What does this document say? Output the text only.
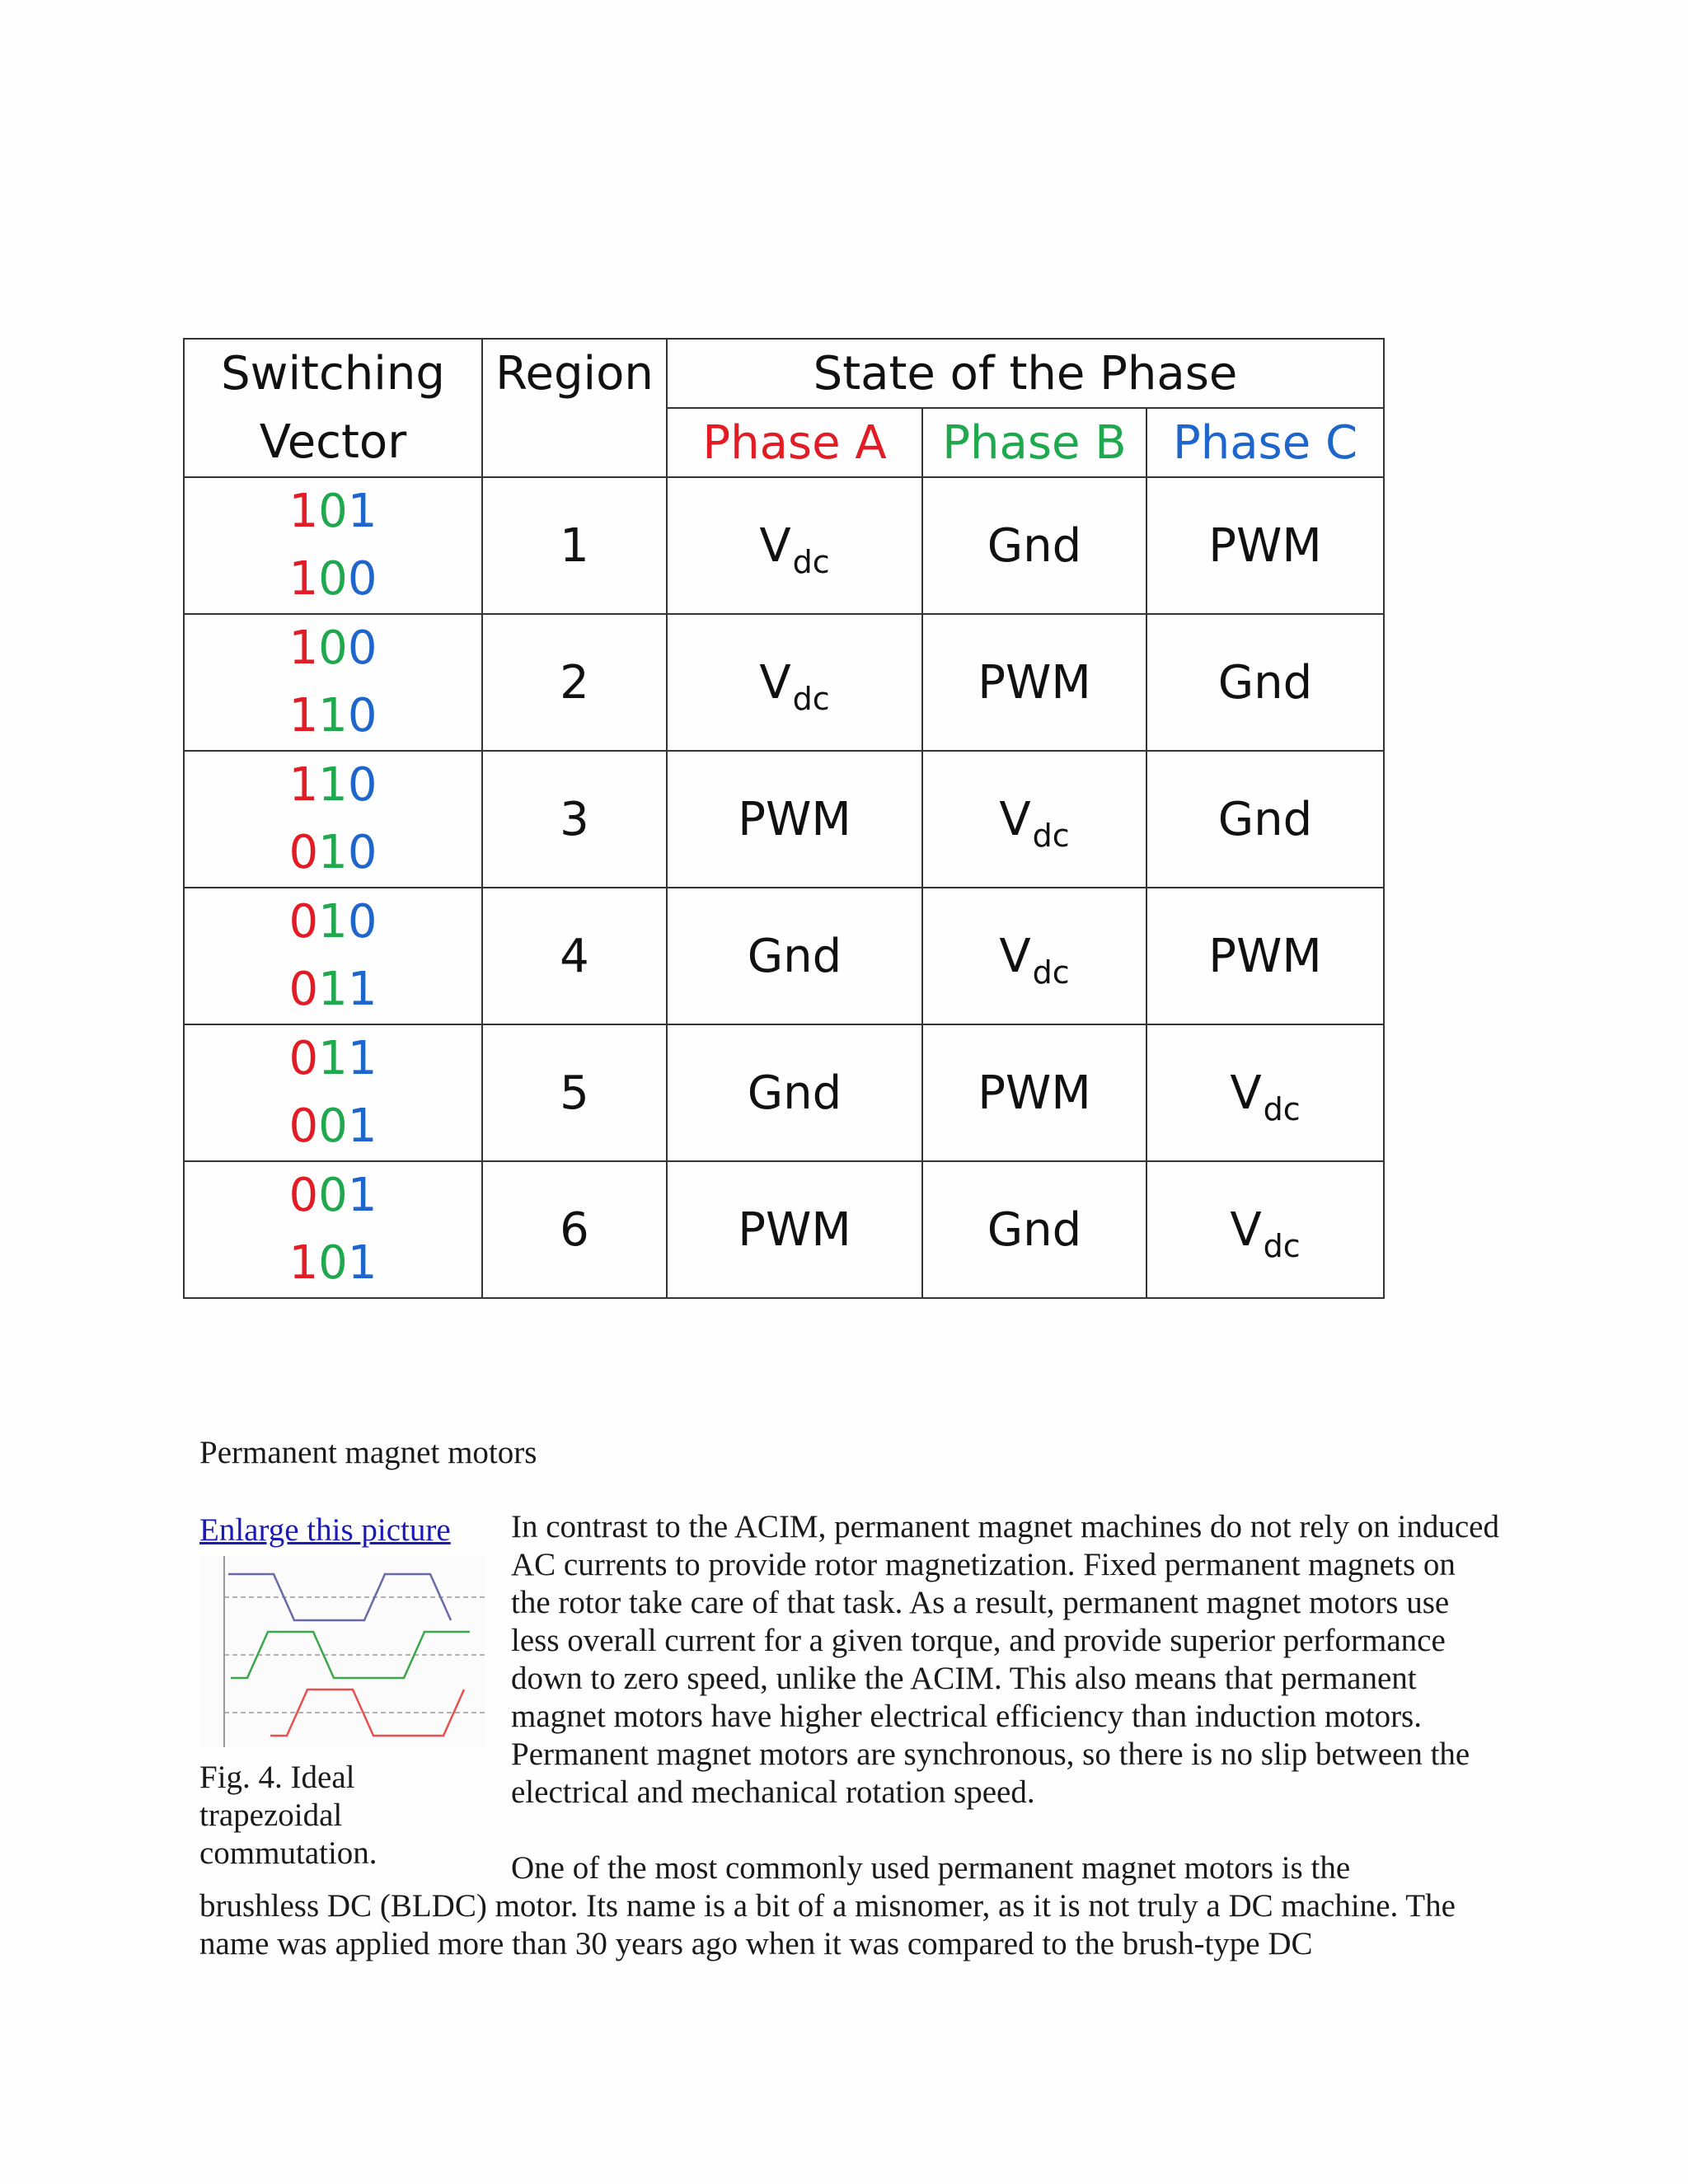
Switching
Vector	Region	State of the Phase		
		Phase A	Phase B	Phase C

101
100	1	$V_{dc}$	Gnd	PWM

100
110	2	$V_{dc}$	PWM	Gnd

110
010	3	PWM	$V_{dc}$	Gnd

010
011	4	Gnd	$V_{dc}$	PWM

011
001	5	Gnd	PWM	$V_{dc}$

001
101	6	PWM	Gnd	$V_{dc}$
Permanent magnet motors
Enlarge this picture
Fig. 4. Ideal trapezoidal commutation.
In contrast to the ACIM, permanent magnet machines do not rely on induced AC currents to provide rotor magnetization. Fixed permanent magnets on the rotor take care of that task. As a result, permanent magnet motors use less overall current for a given torque, and provide superior performance down to zero speed, unlike the ACIM. This also means that permanent magnet motors have higher electrical efficiency than induction motors. Permanent magnet motors are synchronous, so there is no slip between the electrical and mechanical rotation speed.
One of the most commonly used permanent magnet motors is the
brushless DC (BLDC) motor. Its name is a bit of a misnomer, as it is not truly a DC machine. The name was applied more than 30 years ago when it was compared to the brush-type DC
